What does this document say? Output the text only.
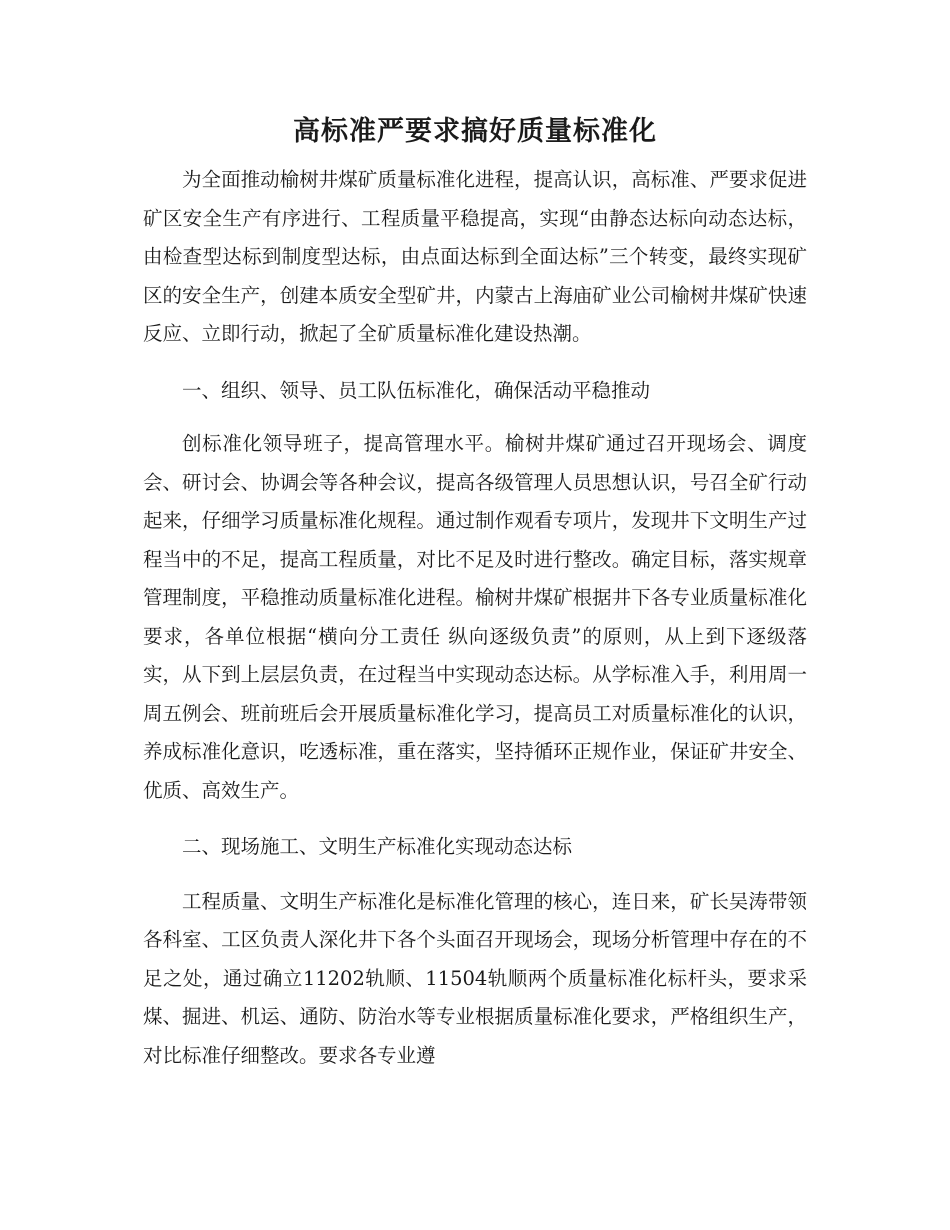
高标准严要求搞好质量标准化

为全面推动榆树井煤矿质量标准化进程，提高认识，高标准、严要求促进矿区安全生产有序进行、工程质量平稳提高，实现“由静态达标向动态达标，由检查型达标到制度型达标，由点面达标到全面达标”三个转变，最终实现矿区的安全生产，创建本质安全型矿井，内蒙古上海庙矿业公司榆树井煤矿快速反应、立即行动，掀起了全矿质量标准化建设热潮。

一、组织、领导、员工队伍标准化，确保活动平稳推动

创标准化领导班子，提高管理水平。榆树井煤矿通过召开现场会、调度会、研讨会、协调会等各种会议，提高各级管理人员思想认识，号召全矿行动起来，仔细学习质量标准化规程。通过制作观看专项片，发现井下文明生产过程当中的不足，提高工程质量，对比不足及时进行整改。确定目标，落实规章管理制度，平稳推动质量标准化进程。榆树井煤矿根据井下各专业质量标准化要求，各单位根据“横向分工责任 纵向逐级负责”的原则，从上到下逐级落实，从下到上层层负责，在过程当中实现动态达标。从学标准入手，利用周一周五例会、班前班后会开展质量标准化学习，提高员工对质量标准化的认识，养成标准化意识，吃透标准，重在落实，坚持循环正规作业，保证矿井安全、优质、高效生产。

二、现场施工、文明生产标准化实现动态达标

工程质量、文明生产标准化是标准化管理的核心，连日来，矿长吴涛带领各科室、工区负责人深化井下各个头面召开现场会，现场分析管理中存在的不足之处，通过确立11202轨顺、11504轨顺两个质量标准化标杆头，要求采煤、掘进、机运、通防、防治水等专业根据质量标准化要求，严格组织生产，对比标准仔细整改。要求各专业遵
